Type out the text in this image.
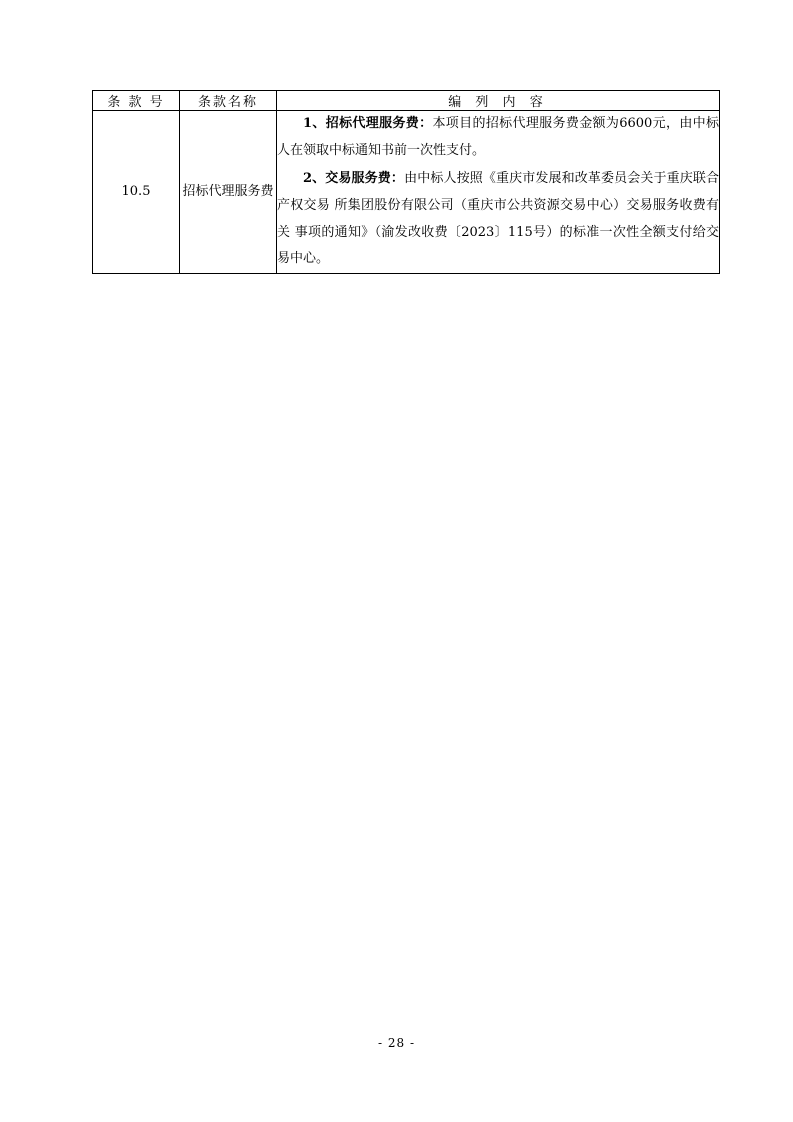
条 款 号	条款名称	编 列 内 容
10.5	招标代理服务费	1、招标代理服务费：本项目的招标代理服务费金额为6600元，由中标人在领取中标通知书前一次性支付。

2、交易服务费：由中标人按照《重庆市发展和改革委员会关于重庆联合产权交易 所集团股份有限公司（重庆市公共资源交易中心）交易服务收费有关 事项的通知》（渝发改收费〔2023〕115号）的标准一次性全额支付给交易中心。

- 28 -
